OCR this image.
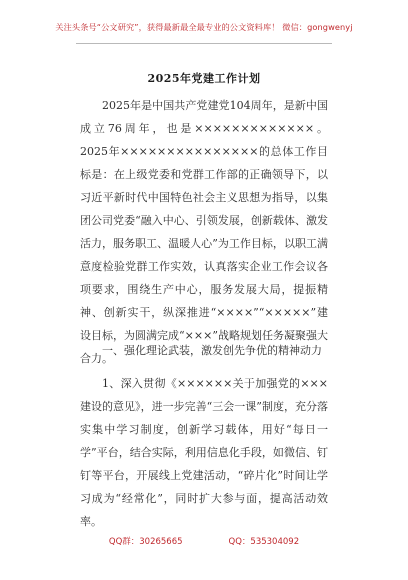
关注头条号“公文研究”，获得最新最全最专业的公文资料库！ 微信：gongwenyj
2025年党建工作计划

2025年是中国共产党建党104周年，是新中国成立76周年，也是×××××××××××××。2025年×××××××××××××××的总体工作目标是：在上级党委和党群工作部的正确领导下，以习近平新时代中国特色社会主义思想为指导，以集团公司党委“融入中心、引领发展，创新载体、激发活力，服务职工、温暖人心”为工作目标，以职工满意度检验党群工作实效，认真落实企业工作会议各项要求，围绕生产中心，服务发展大局，提振精神、创新实干，纵深推进“××××”“×××××”建设目标，为圆满完成“×××”战略规划任务凝聚强大合力。

一、强化理论武装，激发创先争优的精神动力

1、深入贯彻《××××××关于加强党的×××建设的意见》，进一步完善“三会一课”制度，充分落实集中学习制度，创新学习载体，用好“每日一学”平台，结合实际，利用信息化手段，如微信、钉钉等平台，开展线上党建活动，“碎片化”时间让学习成为“经常化”，同时扩大参与面，提高活动效率。

QQ群：30265665	QQ：535304092
